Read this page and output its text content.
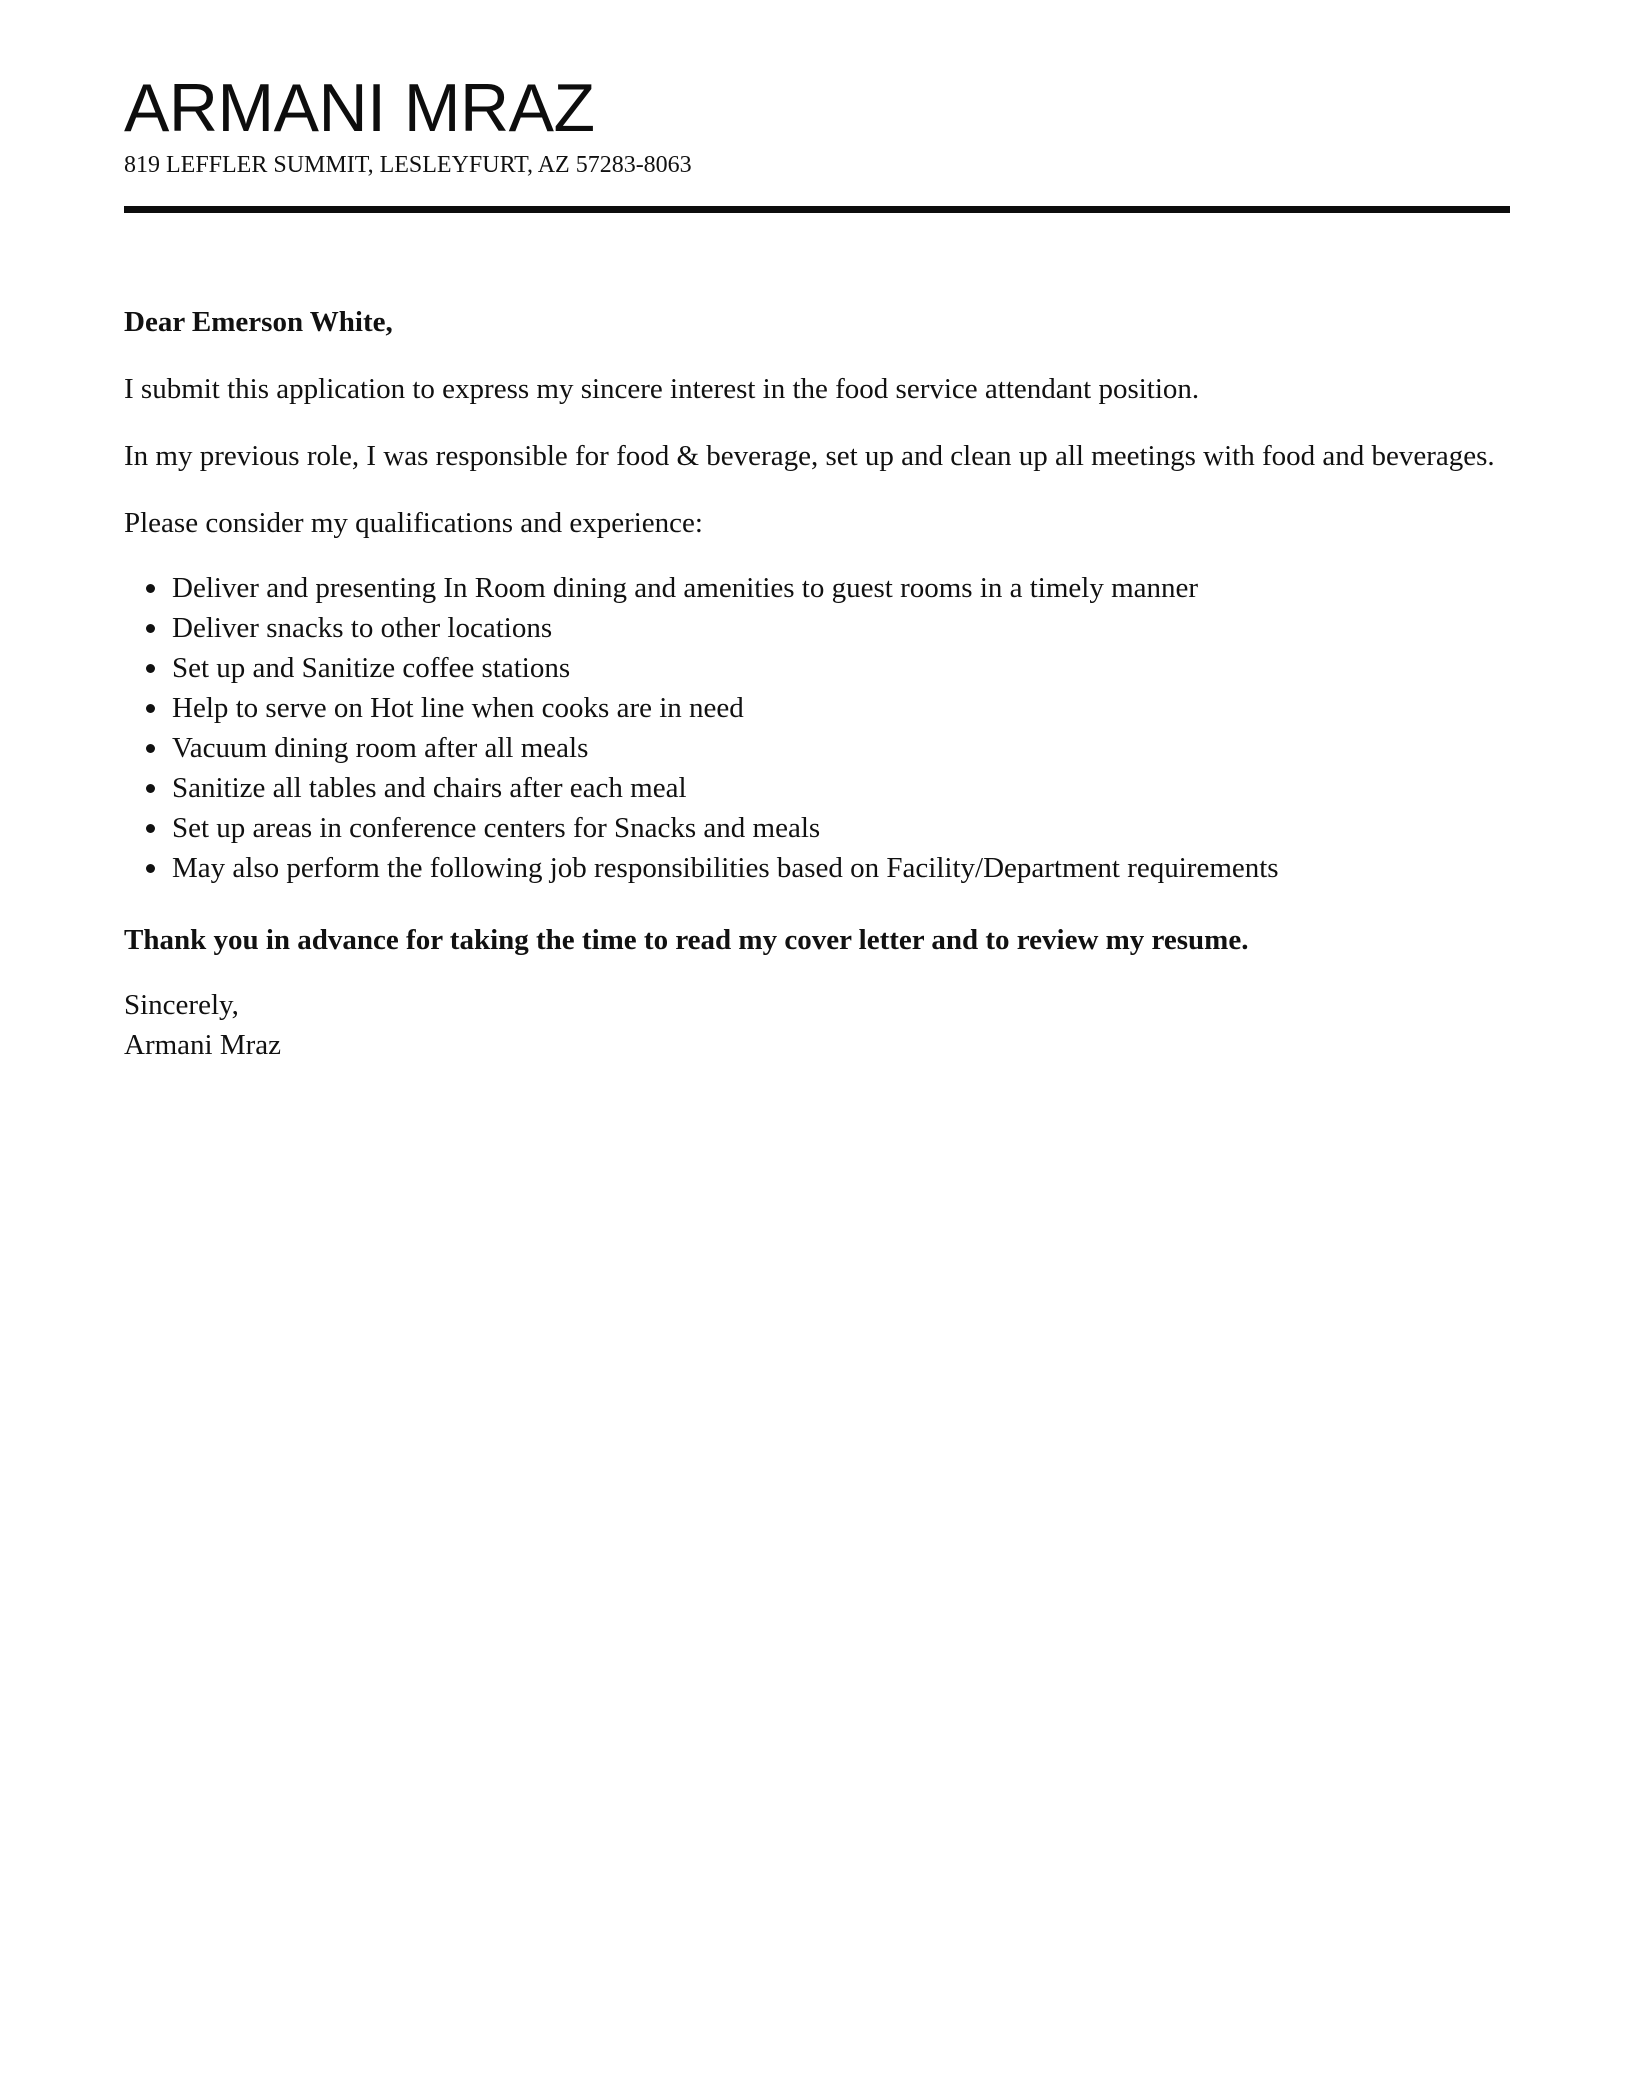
ARMANI MRAZ

819 LEFFLER SUMMIT, LESLEYFURT, AZ 57283-8063

Dear Emerson White,

I submit this application to express my sincere interest in the food service attendant position.

In my previous role, I was responsible for food & beverage, set up and clean up all meetings with food and beverages.

Please consider my qualifications and experience:

Deliver and presenting In Room dining and amenities to guest rooms in a timely manner
Deliver snacks to other locations
Set up and Sanitize coffee stations
Help to serve on Hot line when cooks are in need
Vacuum dining room after all meals
Sanitize all tables and chairs after each meal
Set up areas in conference centers for Snacks and meals
May also perform the following job responsibilities based on Facility/Department requirements

Thank you in advance for taking the time to read my cover letter and to review my resume.

Sincerely,

Armani Mraz
